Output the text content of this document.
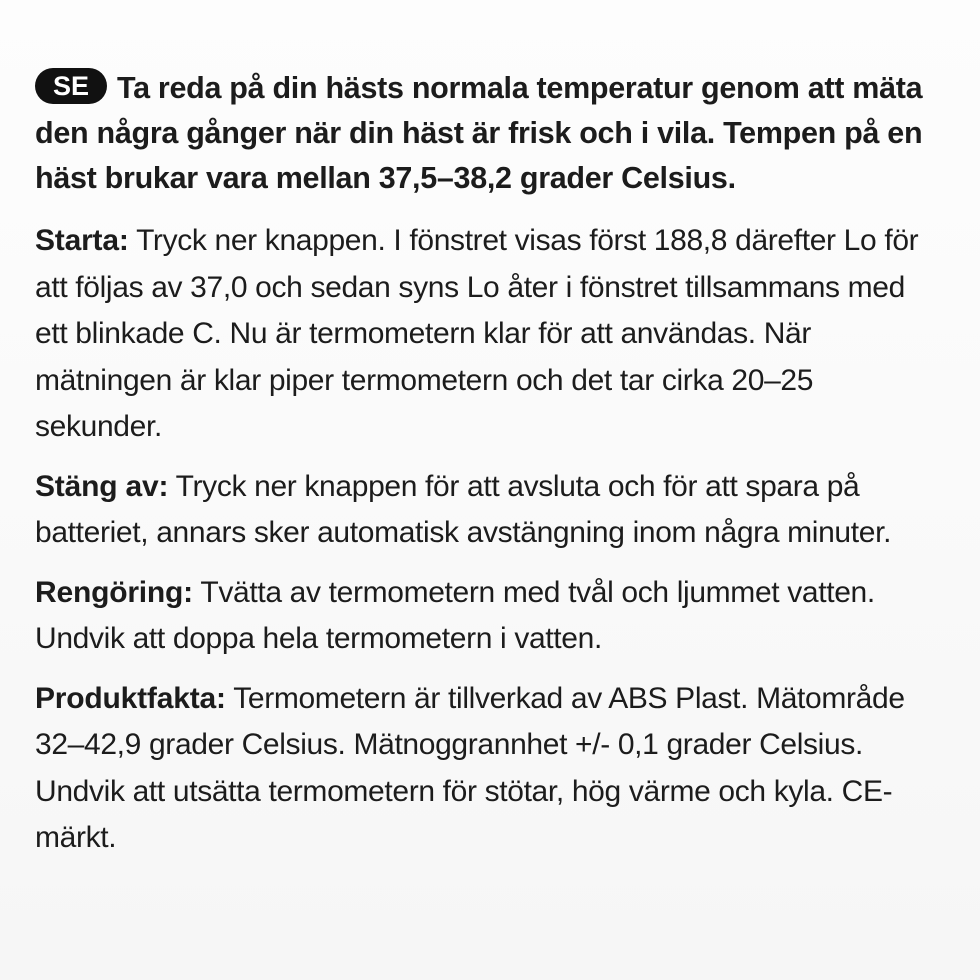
SE Ta reda på din hästs normala temperatur genom att mäta den några gånger när din häst är frisk och i vila. Tempen på en häst brukar vara mellan 37,5–38,2 grader Celsius.

Starta: Tryck ner knappen. I fönstret visas först 188,8 därefter Lo för att följas av 37,0 och sedan syns Lo åter i fönstret tillsammans med ett blinkade C. Nu är termometern klar för att användas. När mätningen är klar piper termometern och det tar cirka 20–25 sekunder.

Stäng av: Tryck ner knappen för att avsluta och för att spara på batteriet, annars sker automatisk avstängning inom några minuter.

Rengöring: Tvätta av termometern med tvål och ljummet vatten. Undvik att doppa hela termometern i vatten.

Produktfakta: Termometern är tillverkad av ABS Plast. Mätområde 32–42,9 grader Celsius. Mätnoggrannhet +/- 0,1 grader Celsius. Undvik att utsätta termometern för stötar, hög värme och kyla. CE-märkt.
